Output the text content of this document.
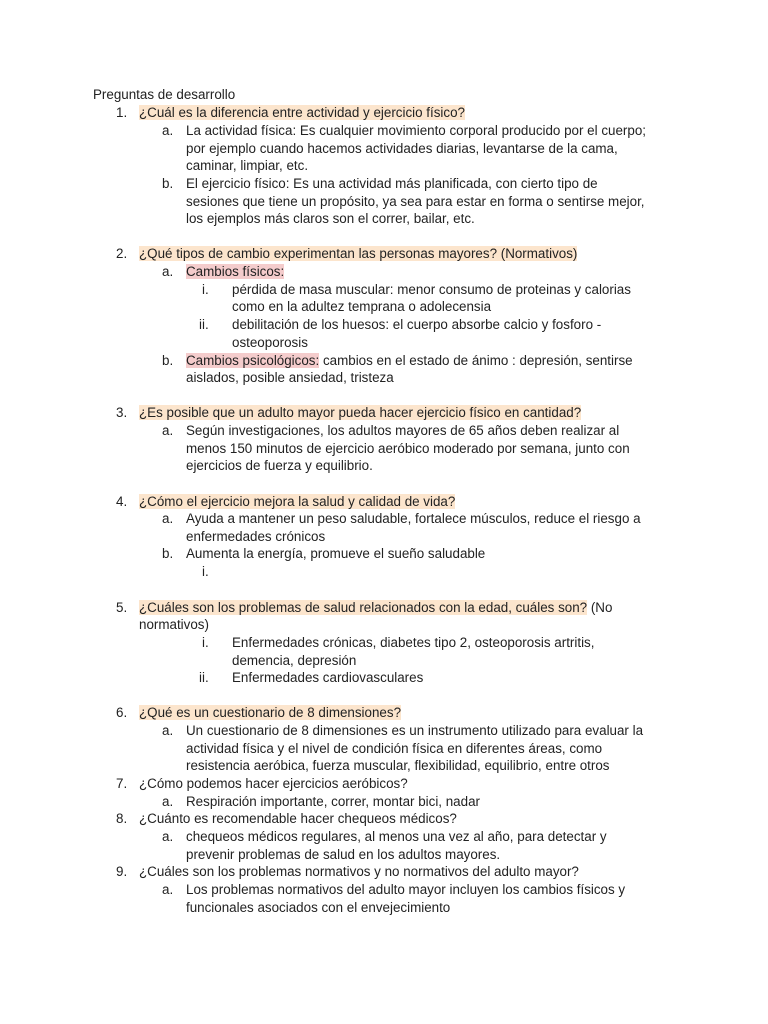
Preguntas de desarrollo
1. ¿Cuál es la diferencia entre actividad y ejercicio físico?
a. La actividad física: Es cualquier movimiento corporal producido por el cuerpo;
por ejemplo cuando hacemos actividades diarias, levantarse de la cama,
caminar, limpiar, etc.
b. El ejercicio físico: Es una actividad más planificada, con cierto tipo de
sesiones que tiene un propósito, ya sea para estar en forma o sentirse mejor,
los ejemplos más claros son el correr, bailar, etc.
2. ¿Qué tipos de cambio experimentan las personas mayores? (Normativos)
a. Cambios físicos:
i. pérdida de masa muscular: menor consumo de proteinas y calorias
como en la adultez temprana o adolecensia
ii. debilitación de los huesos: el cuerpo absorbe calcio y fosforo -
osteoporosis
b. Cambios psicológicos: cambios en el estado de ánimo : depresión, sentirse
aislados, posible ansiedad, tristeza
3. ¿Es posible que un adulto mayor pueda hacer ejercicio físico en cantidad?
a. Según investigaciones, los adultos mayores de 65 años deben realizar al
menos 150 minutos de ejercicio aeróbico moderado por semana, junto con
ejercicios de fuerza y equilibrio.
4. ¿Cómo el ejercicio mejora la salud y calidad de vida?
a. Ayuda a mantener un peso saludable, fortalece músculos, reduce el riesgo a
enfermedades crónicos
b. Aumenta la energía, promueve el sueño saludable
i.
5. ¿Cuáles son los problemas de salud relacionados con la edad, cuáles son? (No
normativos)
i. Enfermedades crónicas, diabetes tipo 2, osteoporosis artritis,
demencia, depresión
ii. Enfermedades cardiovasculares
6. ¿Qué es un cuestionario de 8 dimensiones?
a. Un cuestionario de 8 dimensiones es un instrumento utilizado para evaluar la
actividad física y el nivel de condición física en diferentes áreas, como
resistencia aeróbica, fuerza muscular, flexibilidad, equilibrio, entre otros
7. ¿Cómo podemos hacer ejercicios aeróbicos?
a. Respiración importante, correr, montar bici, nadar
8. ¿Cuánto es recomendable hacer chequeos médicos?
a. chequeos médicos regulares, al menos una vez al año, para detectar y
prevenir problemas de salud en los adultos mayores.
9. ¿Cuáles son los problemas normativos y no normativos del adulto mayor?
a. Los problemas normativos del adulto mayor incluyen los cambios físicos y
funcionales asociados con el envejecimiento
